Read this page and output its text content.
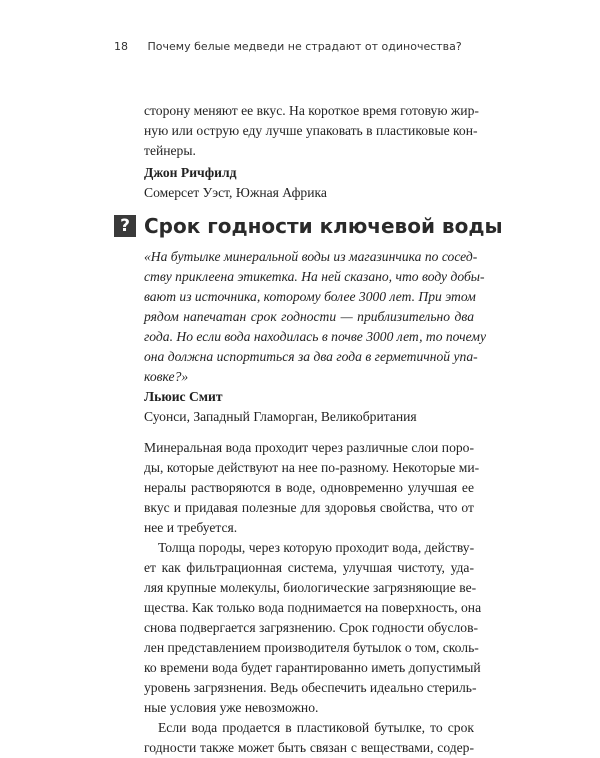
18 Почему белые медведи не страдают от одиночества?
сторону меняют ее вкус. На короткое время готовую жир-
ную или острую еду лучше упаковать в пластиковые кон-
тейнеры.
Джон Ричфилд
Сомерсет Уэст, Южная Африка
? Срок годности ключевой воды
«На бутылке минеральной воды из магазинчика по сосед-
ству приклеена этикетка. На ней сказано, что воду добы-
вают из источника, которому более 3000 лет. При этом
рядом напечатан срок годности — приблизительно два
года. Но если вода находилась в почве 3000 лет, то почему
она должна испортиться за два года в герметичной упа-
ковке?»
Льюис Смит
Суонси, Западный Гламорган, Великобритания
Минеральная вода проходит через различные слои поро-
ды, которые действуют на нее по-разному. Некоторые ми-
нералы растворяются в воде, одновременно улучшая ее
вкус и придавая полезные для здоровья свойства, что от
нее и требуется.
Толща породы, через которую проходит вода, действу-
ет как фильтрационная система, улучшая чистоту, уда-
ляя крупные молекулы, биологические загрязняющие ве-
щества. Как только вода поднимается на поверхность, она
снова подвергается загрязнению. Срок годности обуслов-
лен представлением производителя бутылок о том, сколь-
ко времени вода будет гарантированно иметь допустимый
уровень загрязнения. Ведь обеспечить идеально стериль-
ные условия уже невозможно.
Если вода продается в пластиковой бутылке, то срок
годности также может быть связан с веществами, содер-
